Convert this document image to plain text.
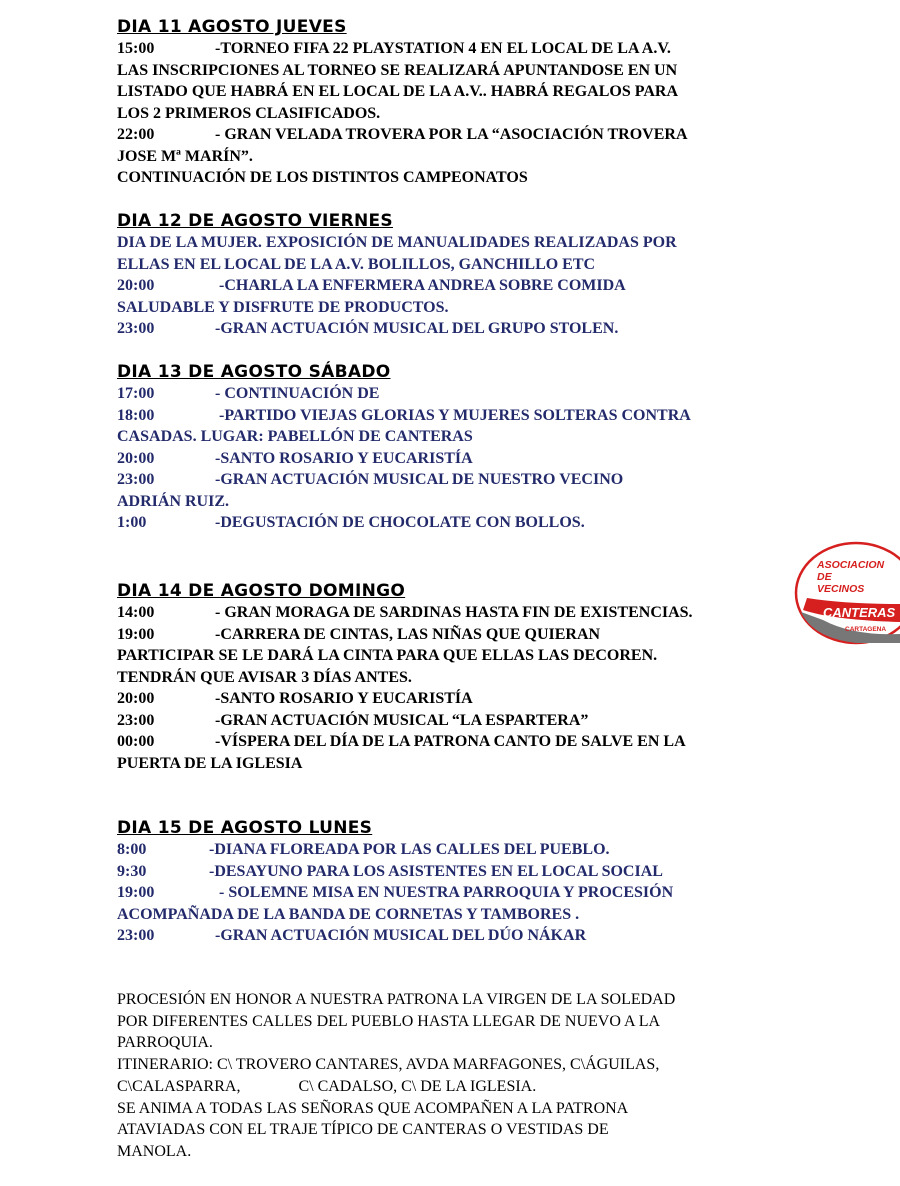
DIA 11 AGOSTO JUEVES

15:00	-TORNEO FIFA 22 PLAYSTATION 4 EN EL LOCAL DE LA A.V.

LAS INSCRIPCIONES AL TORNEO SE REALIZARÁ APUNTANDOSE EN UN

LISTADO QUE HABRÁ EN EL LOCAL DE LA A.V.. HABRÁ REGALOS PARA

LOS 2 PRIMEROS CLASIFICADOS.

22:00	- GRAN VELADA TROVERA POR LA “ASOCIACIÓN TROVERA

JOSE Mª MARÍN”.

CONTINUACIÓN DE LOS DISTINTOS CAMPEONATOS

DIA 12 DE AGOSTO VIERNES

DIA DE LA MUJER. EXPOSICIÓN DE MANUALIDADES REALIZADAS POR

ELLAS EN EL LOCAL DE LA A.V. BOLILLOS, GANCHILLO ETC

20:00	-CHARLA LA ENFERMERA ANDREA SOBRE COMIDA

SALUDABLE Y DISFRUTE DE PRODUCTOS.

23:00	-GRAN ACTUACIÓN MUSICAL DEL GRUPO STOLEN.

DIA 13 DE AGOSTO SÁBADO

17:00	- CONTINUACIÓN DE

18:00	-PARTIDO VIEJAS GLORIAS Y MUJERES SOLTERAS CONTRA

CASADAS. LUGAR: PABELLÓN DE CANTERAS

20:00	-SANTO ROSARIO Y EUCARISTÍA

23:00	-GRAN ACTUACIÓN MUSICAL DE NUESTRO VECINO

ADRIÁN RUIZ.

1:00	-DEGUSTACIÓN DE CHOCOLATE CON BOLLOS.

DIA 14 DE AGOSTO DOMINGO

14:00	- GRAN MORAGA DE SARDINAS HASTA FIN DE EXISTENCIAS.

19:00	-CARRERA DE CINTAS, LAS NIÑAS QUE QUIERAN

PARTICIPAR SE LE DARÁ LA CINTA PARA QUE ELLAS LAS DECOREN.

TENDRÁN QUE AVISAR 3 DÍAS ANTES.

20:00	-SANTO ROSARIO Y EUCARISTÍA

23:00	-GRAN ACTUACIÓN MUSICAL “LA ESPARTERA”

00:00	-VÍSPERA DEL DÍA DE LA PATRONA CANTO DE SALVE EN LA

PUERTA DE LA IGLESIA

DIA 15 DE AGOSTO LUNES

8:00	-DIANA FLOREADA POR LAS CALLES DEL PUEBLO.

9:30	-DESAYUNO PARA LOS ASISTENTES EN EL LOCAL SOCIAL

19:00	- SOLEMNE MISA EN NUESTRA PARROQUIA Y PROCESIÓN

ACOMPAÑADA DE LA BANDA DE CORNETAS Y TAMBORES .

23:00	-GRAN ACTUACIÓN MUSICAL DEL DÚO NÁKAR

PROCESIÓN EN HONOR A NUESTRA PATRONA LA VIRGEN DE LA SOLEDAD

POR DIFERENTES CALLES DEL PUEBLO HASTA LLEGAR DE NUEVO A LA

PARROQUIA.

ITINERARIO: C\ TROVERO CANTARES, AVDA MARFAGONES, C\ÁGUILAS,

C\CALASPARRA,	C\ CADALSO, C\ DE LA IGLESIA.

SE ANIMA A TODAS LAS SEÑORAS QUE ACOMPAÑEN A LA PATRONA

ATAVIADAS CON EL TRAJE TÍPICO DE CANTERAS O VESTIDAS DE

MANOLA.

ASOCIACION
DE
VECINOS
CANTERAS
CARTAGENA
